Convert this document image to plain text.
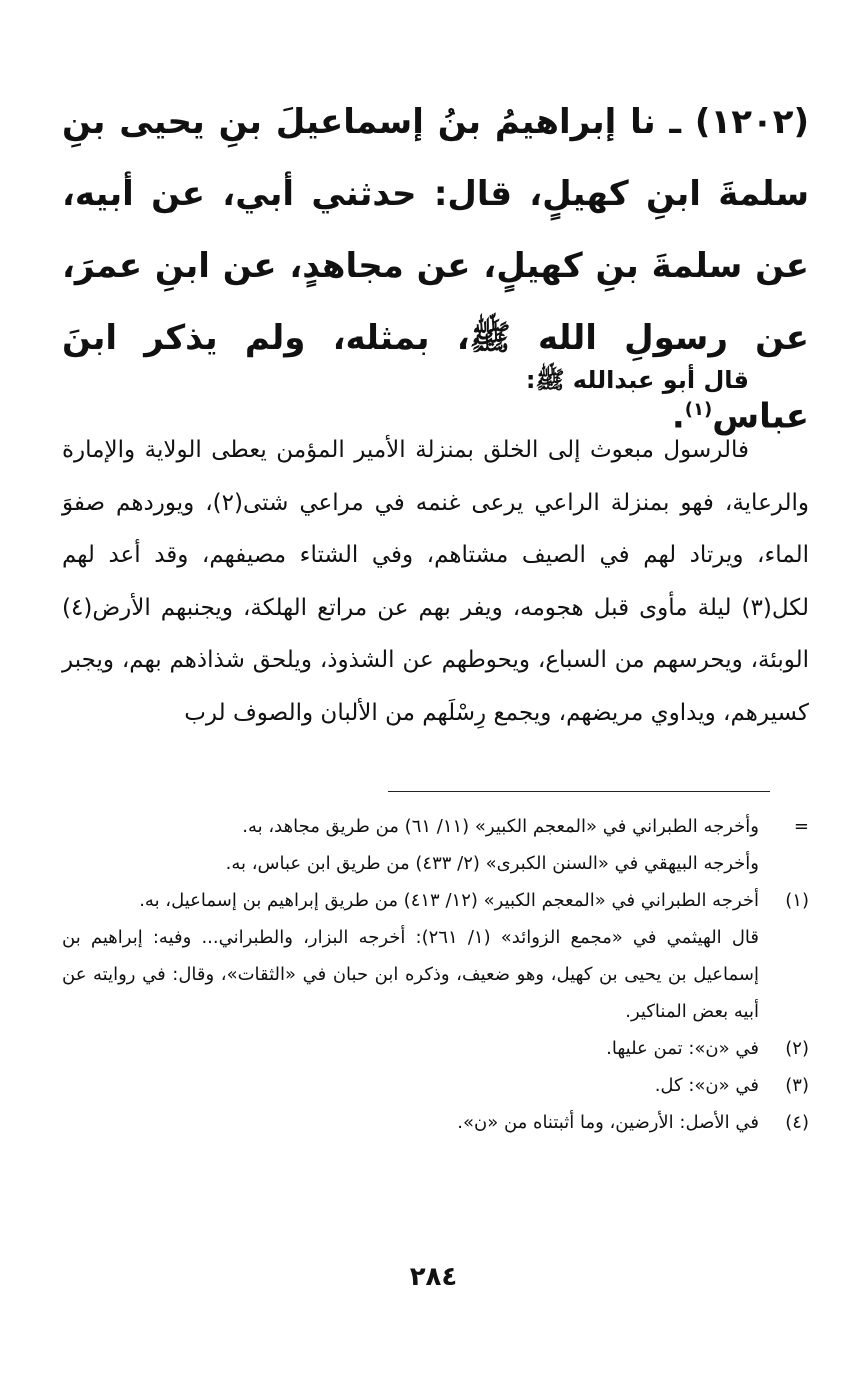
(١٢٠٢) ـ نا إبراهيمُ بنُ إسماعيلَ بنِ يحيى بنِ سلمةَ ابنِ كهيلٍ، قال: حدثني أبي، عن أبيه، عن سلمةَ بنِ كهيلٍ، عن مجاهدٍ، عن ابنِ عمرَ، عن رسولِ الله ﷺ، بمثله، ولم يذكر ابنَ عباس$^{(١)}$.

قال أبو عبدالله ﷺ:

فالرسول مبعوث إلى الخلق بمنزلة الأمير المؤمن يعطى الولاية والإمارة والرعاية، فهو بمنزلة الراعي يرعى غنمه في مراعي شتى(٢)، ويوردهم صفوَ الماء، ويرتاد لهم في الصيف مشتاهم، وفي الشتاء مصيفهم، وقد أعد لهم لكل(٣) ليلة مأوى قبل هجومه، ويفر بهم عن مراتع الهلكة، ويجنبهم الأرض(٤) الوبئة، ويحرسهم من السباع، ويحوطهم عن الشذوذ، ويلحق شذاذهم بهم، ويجبر كسيرهم، ويداوي مريضهم، ويجمع رِسْلَهم من الألبان والصوف لرب

=
وأخرجه الطبراني في «المعجم الكبير» (١١/ ٦١) من طريق مجاهد، به.
وأخرجه البيهقي في «السنن الكبرى» (٢/ ٤٣٣) من طريق ابن عباس، به.
(١)
أخرجه الطبراني في «المعجم الكبير» (١٢/ ٤١٣) من طريق إبراهيم بن إسماعيل، به.
قال الهيثمي في «مجمع الزوائد» (١/ ٢٦١): أخرجه البزار، والطبراني... وفيه: إبراهيم بن إسماعيل بن يحيى بن كهيل، وهو ضعيف، وذكره ابن حبان في «الثقات»، وقال: في روايته عن أبيه بعض المناكير.
(٢)
في «ن»: تمن عليها.
(٣)
في «ن»: كل.
(٤)
في الأصل: الأرضين، وما أثبتناه من «ن».
٢٨٤
